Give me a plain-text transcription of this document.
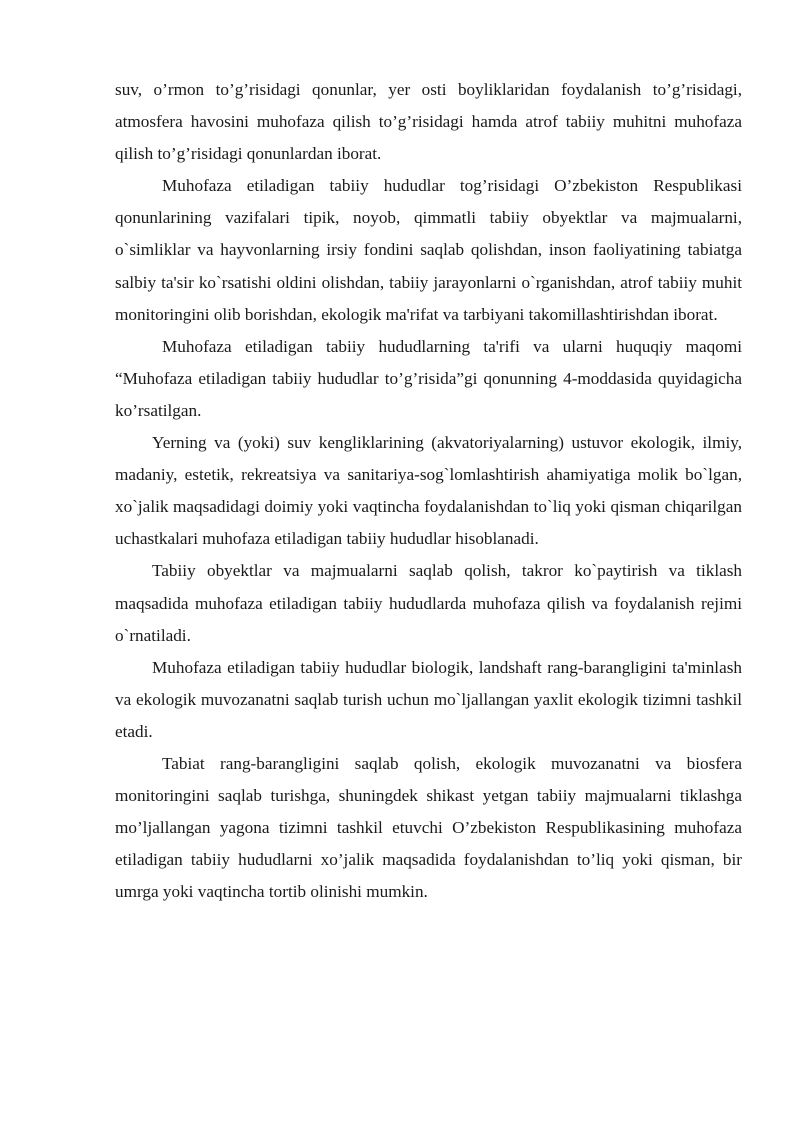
suv, o’rmon to’g’risidagi qonunlar, yer osti boyliklaridan foydalanish to’g’risidagi, atmosfera havosini muhofaza qilish to’g’risidagi hamda atrof tabiiy muhitni muhofaza qilish to’g’risidagi qonunlardan iborat.

Muhofaza etiladigan tabiiy hududlar tog’risidagi O’zbekiston Respublikasi qonunlarining vazifalari tipik, noyob, qimmatli tabiiy obyektlar va majmualarni, o`simliklar va hayvonlarning irsiy fondini saqlab qolishdan, inson faoliyatining tabiatga salbiy ta'sir ko`rsatishi oldini olishdan, tabiiy jarayonlarni o`rganishdan, atrof tabiiy muhit monitoringini olib borishdan, ekologik ma'rifat va tarbiyani takomillashtirishdan iborat.

Muhofaza etiladigan tabiiy hududlarning ta'rifi va ularni huquqiy maqomi “Muhofaza etiladigan tabiiy hududlar to’g’risida”gi qonunning 4-moddasida quyidagicha ko’rsatilgan.

Yerning va (yoki) suv kengliklarining (akvatoriyalarning) ustuvor ekologik, ilmiy, madaniy, estetik, rekreatsiya va sanitariya-sog`lomlashtirish ahamiyatiga molik bo`lgan, xo`jalik maqsadidagi doimiy yoki vaqtincha foydalanishdan to`liq yoki qisman chiqarilgan uchastkalari muhofaza etiladigan tabiiy hududlar hisoblanadi.

Tabiiy obyektlar va majmualarni saqlab qolish, takror ko`paytirish va tiklash maqsadida muhofaza etiladigan tabiiy hududlarda muhofaza qilish va foydalanish rejimi o`rnatiladi.

Muhofaza etiladigan tabiiy hududlar biologik, landshaft rang-barangligini ta'minlash va ekologik muvozanatni saqlab turish uchun mo`ljallangan yaxlit ekologik tizimni tashkil etadi.

Tabiat rang-barangligini saqlab qolish, ekologik muvozanatni va biosfera monitoringini saqlab turishga, shuningdek shikast yetgan tabiiy majmualarni tiklashga mo’ljallangan yagona tizimni tashkil etuvchi O’zbekiston Respublikasining muhofaza etiladigan tabiiy hududlarni xo’jalik maqsadida foydalanishdan to’liq yoki qisman, bir umrga yoki vaqtincha tortib olinishi mumkin.
